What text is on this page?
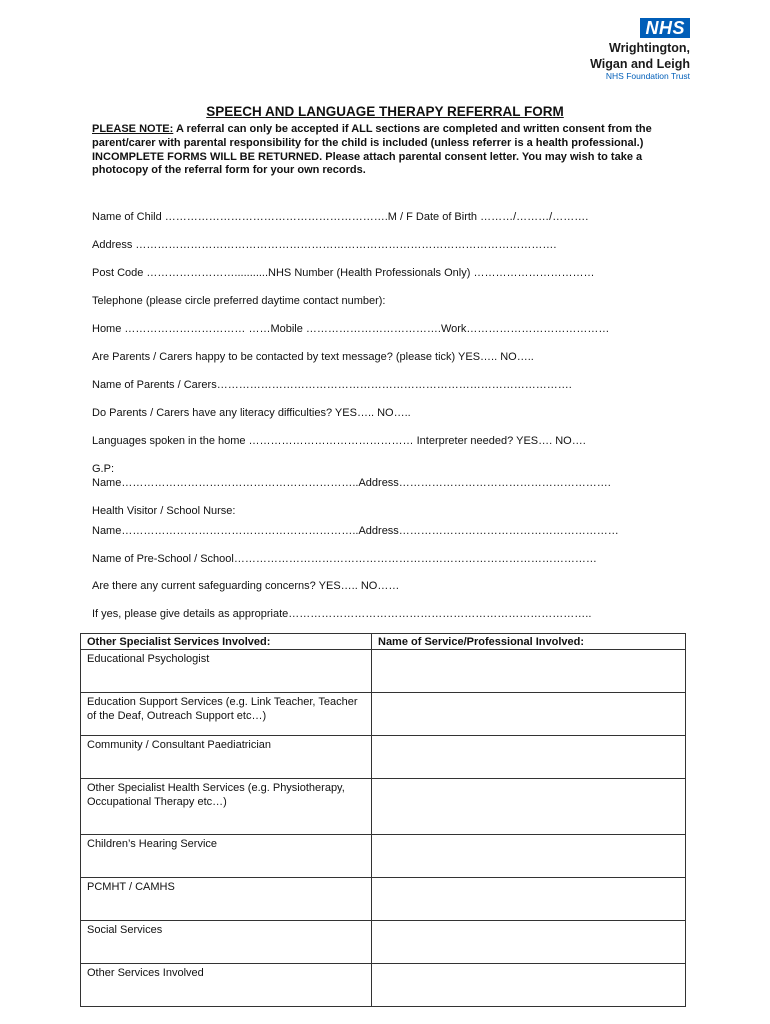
NHS
Wrightington,
Wigan and Leigh
NHS Foundation Trust
SPEECH AND LANGUAGE THERAPY REFERRAL FORM
PLEASE NOTE: A referral can only be accepted if ALL sections are completed and written consent from the parent/carer with parental responsibility for the child is included (unless referrer is a health professional.) INCOMPLETE FORMS WILL BE RETURNED. Please attach parental consent letter. You may wish to take a photocopy of the referral form for your own records.
Name of Child …………………………………………………….M / F Date of Birth ………/………/……….
Address …………………………………………………………………………………………………….
Post Code ……………………...........NHS Number (Health Professionals Only) ……………………………
Telephone (please circle preferred daytime contact number):
Home …………………………… ……Mobile ……………………………….Work…………………………………
Are Parents / Carers happy to be contacted by text message? (please tick) YES….. NO…..
Name of Parents / Carers…………………………………………………………………………………….
Do Parents / Carers have any literacy difficulties? YES….. NO…..
Languages spoken in the home ……………………………………… Interpreter needed? YES…. NO….
G.P:
Name………………………………………………………..Address………………………………………………….
Health Visitor / School Nurse:
Name………………………………………………………..Address……………………………………………………
Name of Pre-School / School………………………………………………………………………………………
Are there any current safeguarding concerns? YES….. NO……
If yes, please give details as appropriate………………………………………………………………………..
Other Specialist Services Involved:	Name of Service/Professional Involved:
Educational Psychologist	
Education Support Services (e.g. Link Teacher, Teacher of the Deaf, Outreach Support etc…)	
Community / Consultant Paediatrician	
Other Specialist Health Services (e.g. Physiotherapy, Occupational Therapy etc…)	
Children’s Hearing Service	
PCMHT / CAMHS	
Social Services	
Other Services Involved	
